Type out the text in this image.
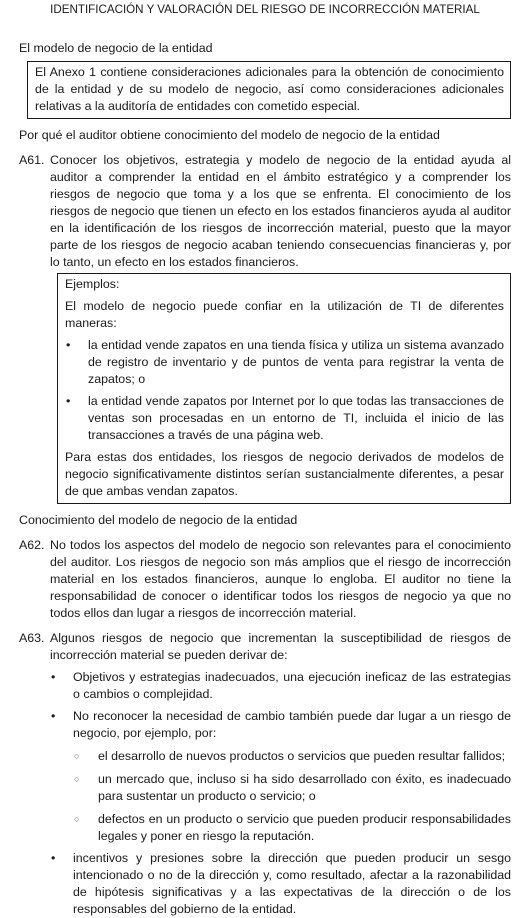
IDENTIFICACIÓN Y VALORACIÓN DEL RIESGO DE INCORRECCIÓN MATERIAL

El modelo de negocio de la entidad

El Anexo 1 contiene consideraciones adicionales para la obtención de conocimiento de la entidad y de su modelo de negocio, así como consideraciones adicionales relativas a la auditoría de entidades con cometido especial.

Por qué el auditor obtiene conocimiento del modelo de negocio de la entidad

A61. Conocer los objetivos, estrategia y modelo de negocio de la entidad ayuda al auditor a comprender la entidad en el ámbito estratégico y a comprender los riesgos de negocio que toma y a los que se enfrenta. El conocimiento de los riesgos de negocio que tienen un efecto en los estados financieros ayuda al auditor en la identificación de los riesgos de incorrección material, puesto que la mayor parte de los riesgos de negocio acaban teniendo consecuencias financieras y, por lo tanto, un efecto en los estados financieros.

Ejemplos:

El modelo de negocio puede confiar en la utilización de TI de diferentes maneras:

•	la entidad vende zapatos en una tienda física y utiliza un sistema avanzado de registro de inventario y de puntos de venta para registrar la venta de zapatos; o
•	la entidad vende zapatos por Internet por lo que todas las transacciones de ventas son procesadas en un entorno de TI, incluida el inicio de las transacciones a través de una página web.

Para estas dos entidades, los riesgos de negocio derivados de modelos de negocio significativamente distintos serían sustancialmente diferentes, a pesar de que ambas vendan zapatos.

Conocimiento del modelo de negocio de la entidad

A62. No todos los aspectos del modelo de negocio son relevantes para el conocimiento del auditor. Los riesgos de negocio son más amplios que el riesgo de incorrección material en los estados financieros, aunque lo engloba. El auditor no tiene la responsabilidad de conocer o identificar todos los riesgos de negocio ya que no todos ellos dan lugar a riesgos de incorrección material.
A63. Algunos riesgos de negocio que incrementan la susceptibilidad de riesgos de incorrección material se pueden derivar de:

•	Objetivos y estrategias inadecuados, una ejecución ineficaz de las estrategias o cambios o complejidad.
•	No reconocer la necesidad de cambio también puede dar lugar a un riesgo de negocio, por ejemplo, por:

○	el desarrollo de nuevos productos o servicios que pueden resultar fallidos;
○	un mercado que, incluso si ha sido desarrollado con éxito, es inadecuado para sustentar un producto o servicio; o
○	defectos en un producto o servicio que pueden producir responsabilidades legales y poner en riesgo la reputación.
•	incentivos y presiones sobre la dirección que pueden producir un sesgo intencionado o no de la dirección y, como resultado, afectar a la razonabilidad de hipótesis significativas y a las expectativas de la dirección o de los responsables del gobierno de la entidad.
